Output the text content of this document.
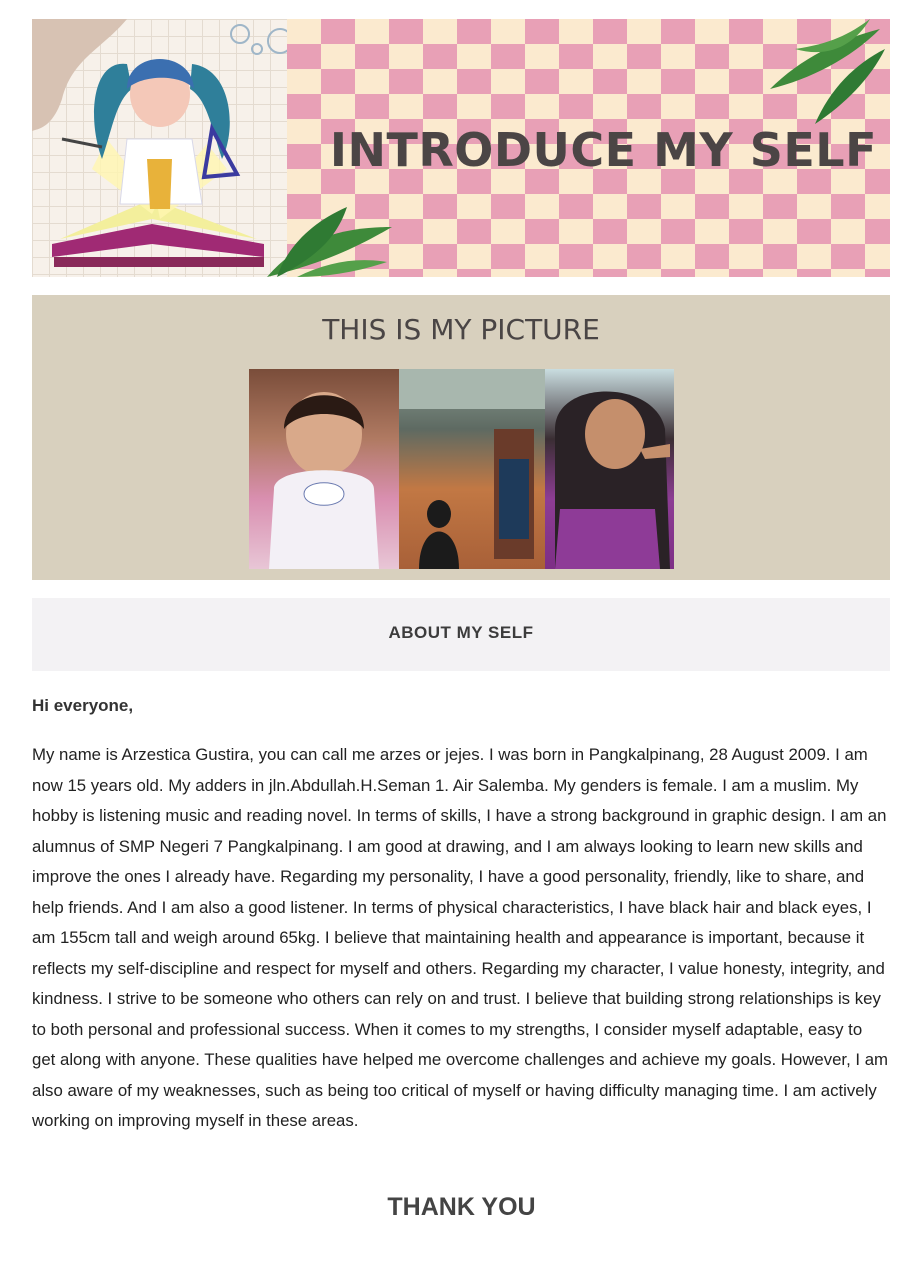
INTRODUCE MY SELF
THIS IS MY PICTURE
ABOUT MY SELF

Hi everyone,

My name is Arzestica Gustira, you can call me arzes or jejes. I was born in Pangkalpinang, 28 August 2009. I am now 15 years old. My adders in jln.Abdullah.H.Seman 1. Air Salemba. My genders is female. I am a muslim. My hobby is listening music and reading novel. In terms of skills, I have a strong background in graphic design. I am an alumnus of SMP Negeri 7 Pangkalpinang. I am good at drawing, and I am always looking to learn new skills and improve the ones I already have. Regarding my personality, I have a good personality, friendly, like to share, and help friends. And I am also a good listener. In terms of physical characteristics, I have black hair and black eyes, I am 155cm tall and weigh around 65kg. I believe that maintaining health and appearance is important, because it reflects my self-discipline and respect for myself and others. Regarding my character, I value honesty, integrity, and kindness. I strive to be someone who others can rely on and trust. I believe that building strong relationships is key to both personal and professional success. When it comes to my strengths, I consider myself adaptable, easy to get along with anyone. These qualities have helped me overcome challenges and achieve my goals. However, I am also aware of my weaknesses, such as being too critical of myself or having difficulty managing time. I am actively working on improving myself in these areas.

THANK YOU
